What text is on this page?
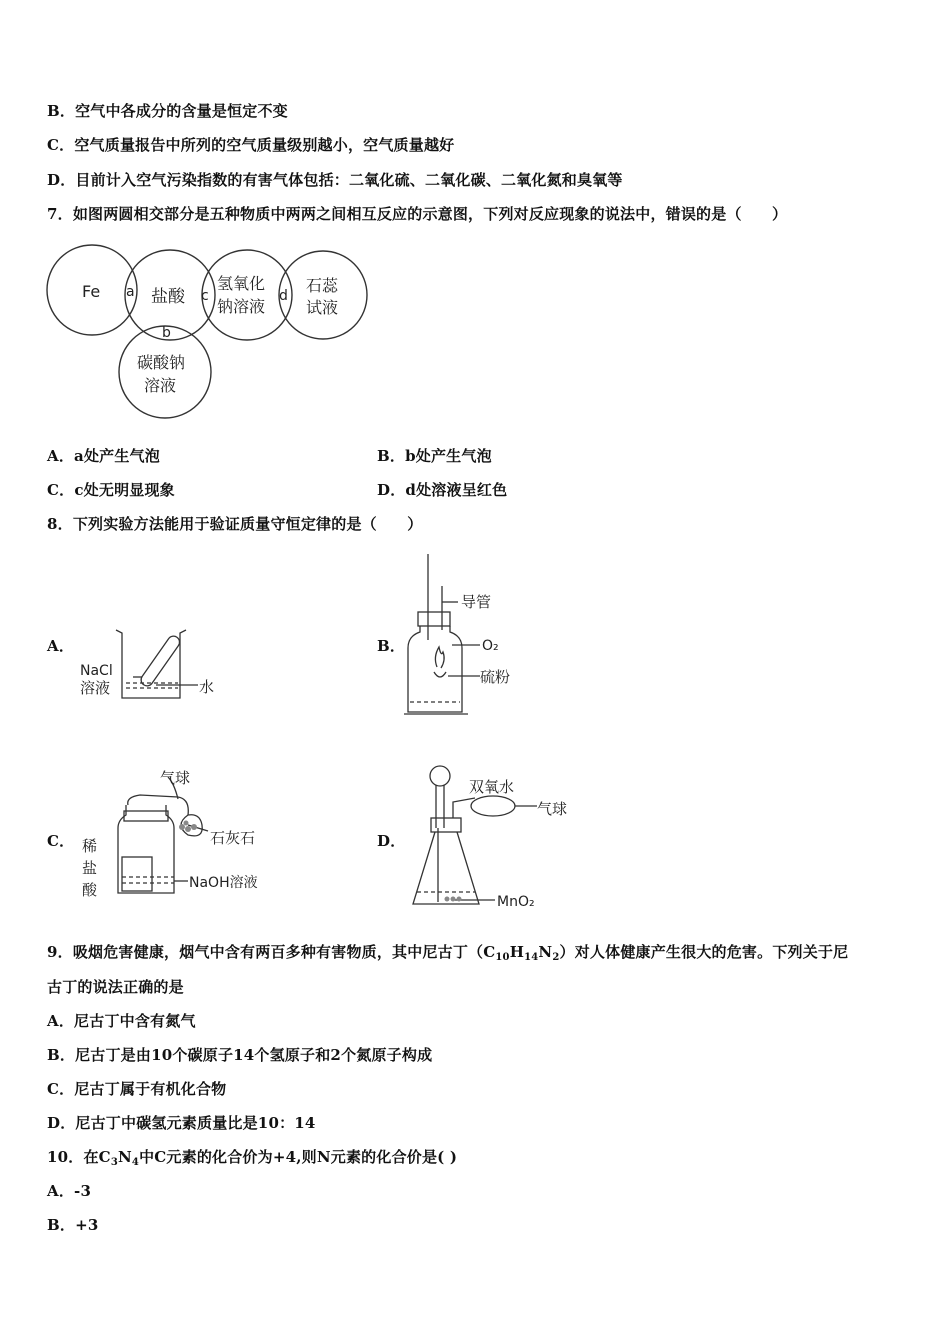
B．空气中各成分的含量是恒定不变
C．空气质量报告中所列的空气质量级别越小，空气质量越好
D．目前计入空气污染指数的有害气体包括：二氧化硫、二氧化碳、二氧化氮和臭氧等
7．如图两圆相交部分是五种物质中两两之间相互反应的示意图，下列对反应现象的说法中，错误的是（　　）
Fe a 盐酸 c
氢氧化
钠溶液
d
石蕊
试液
b
碳酸钠
溶液
A．a处产生气泡	B．b处产生气泡
C．c处无明显现象	D．d处溶液呈红色
8．下列实验方法能用于验证质量守恒定律的是（　　）
A．
NaCl
溶液	水
B．
导管
O₂
硫粉
C．
气球
石灰石
稀
盐
酸	NaOH溶液
D．
双氧水
气球
MnO₂
9．吸烟危害健康，烟气中含有两百多种有害物质，其中尼古丁$(C_{10}H_{14}N_2)$对人体健康产生很大的危害。下列关于尼
古丁的说法正确的是
A．尼古丁中含有氮气
B．尼古丁是由10个碳原子14个氢原子和2个氮原子构成
C．尼古丁属于有机化合物
D．尼古丁中碳氢元素质量比是10：14
10．在$C_3N_4$中C元素的化合价为+4,则N元素的化合价是( )
A．-3
B．+3
